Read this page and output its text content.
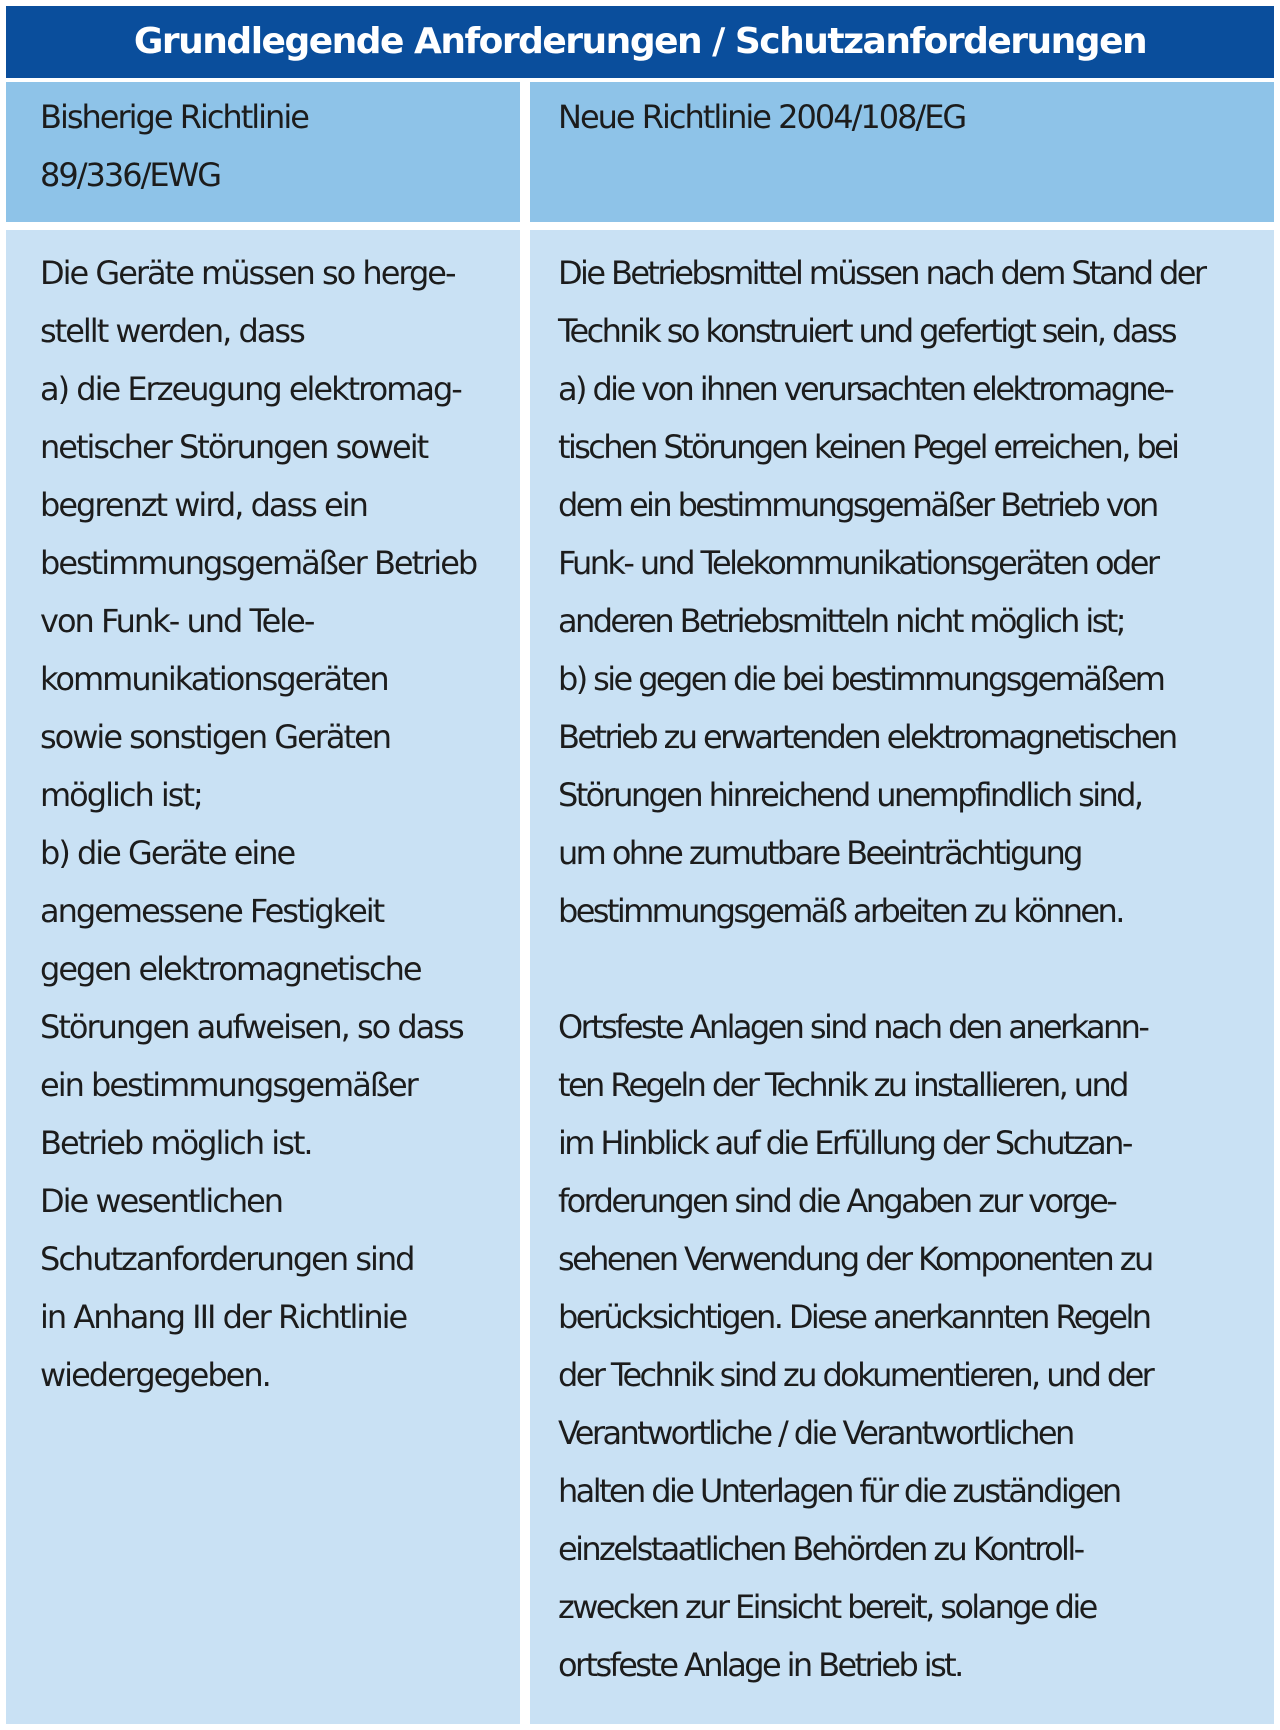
Grundlegende Anforderungen / Schutzanforderungen
Bisherige Richtlinie
89/336/EWG
Neue Richtlinie 2004/108/EG
Die Geräte müssen so herge-
stellt werden, dass
a) die Erzeugung elektromag-
netischer Störungen soweit
begrenzt wird, dass ein
bestimmungsgemäßer Betrieb
von Funk- und Tele-
kommunikationsgeräten
sowie sonstigen Geräten
möglich ist;
b) die Geräte eine
angemessene Festigkeit
gegen elektromagnetische
Störungen aufweisen, so dass
ein bestimmungsgemäßer
Betrieb möglich ist.
Die wesentlichen
Schutzanforderungen sind
in Anhang III der Richtlinie
wiedergegeben.
Die Betriebsmittel müssen nach dem Stand der
Technik so konstruiert und gefertigt sein, dass
a) die von ihnen verursachten elektromagne-
tischen Störungen keinen Pegel erreichen, bei
dem ein bestimmungsgemäßer Betrieb von
Funk- und Telekommunikationsgeräten oder
anderen Betriebsmitteln nicht möglich ist;
b) sie gegen die bei bestimmungsgemäßem
Betrieb zu erwartenden elektromagnetischen
Störungen hinreichend unempfindlich sind,
um ohne zumutbare Beeinträchtigung
bestimmungsgemäß arbeiten zu können.

Ortsfeste Anlagen sind nach den anerkann-
ten Regeln der Technik zu installieren, und
im Hinblick auf die Erfüllung der Schutzan-
forderungen sind die Angaben zur vorge-
sehenen Verwendung der Komponenten zu
berücksichtigen. Diese anerkannten Regeln
der Technik sind zu dokumentieren, und der
Verantwortliche / die Verantwortlichen
halten die Unterlagen für die zuständigen
einzelstaatlichen Behörden zu Kontroll-
zwecken zur Einsicht bereit, solange die
ortsfeste Anlage in Betrieb ist.
